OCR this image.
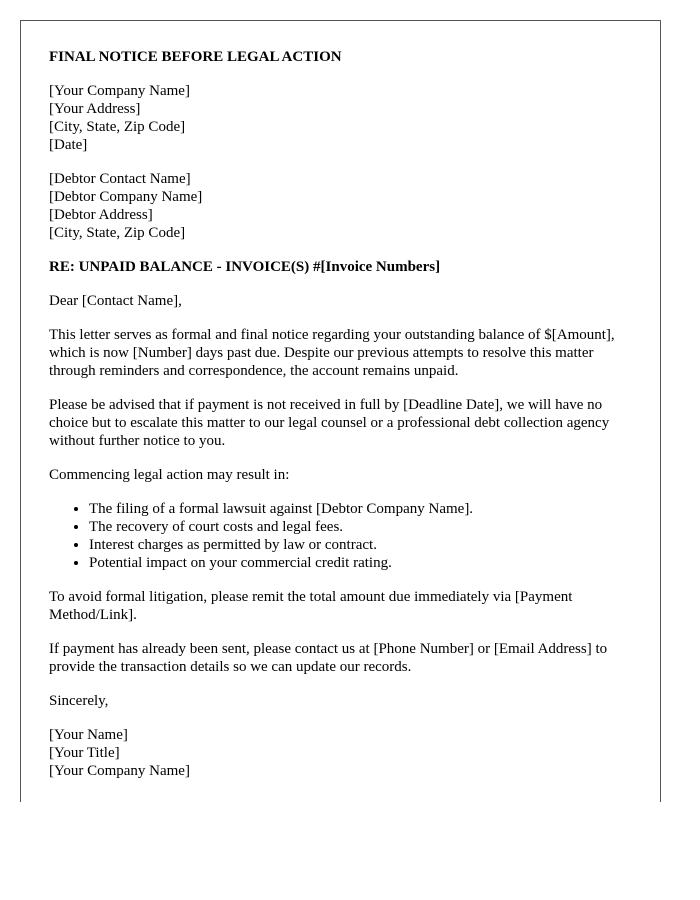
FINAL NOTICE BEFORE LEGAL ACTION
[Your Company Name]
[Your Address]
[City, State, Zip Code]
[Date]
[Debtor Contact Name]
[Debtor Company Name]
[Debtor Address]
[City, State, Zip Code]
RE: UNPAID BALANCE - INVOICE(S) #[Invoice Numbers]

Dear [Contact Name],

This letter serves as formal and final notice regarding your outstanding balance of $[Amount], which is now [Number] days past due. Despite our previous attempts to resolve this matter through reminders and correspondence, the account remains unpaid.

Please be advised that if payment is not received in full by [Deadline Date], we will have no choice but to escalate this matter to our legal counsel or a professional debt collection agency without further notice to you.

Commencing legal action may result in:

• The filing of a formal lawsuit against [Debtor Company Name].
• The recovery of court costs and legal fees.
• Interest charges as permitted by law or contract.
• Potential impact on your commercial credit rating.

To avoid formal litigation, please remit the total amount due immediately via [Payment Method/Link].

If payment has already been sent, please contact us at [Phone Number] or [Email Address] to provide the transaction details so we can update our records.

Sincerely,

[Your Name]
[Your Title]
[Your Company Name]
